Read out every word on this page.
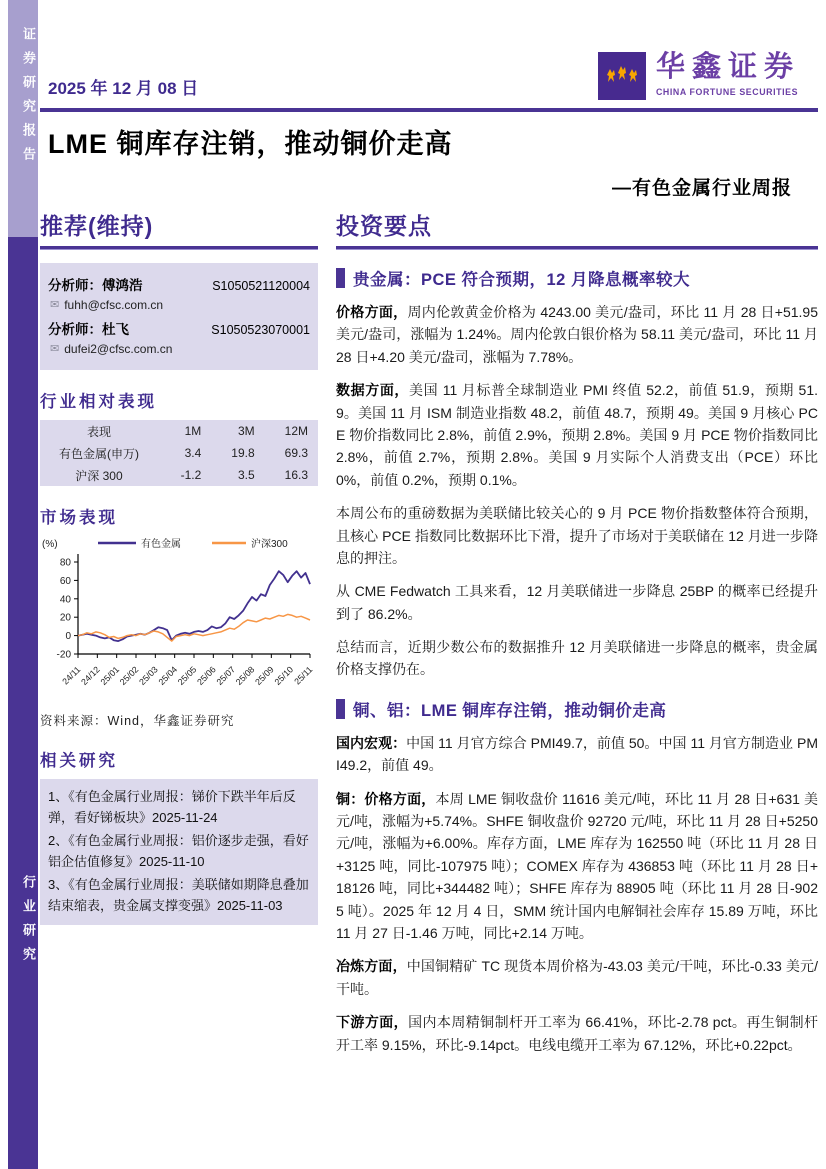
证券研究报告
行业研究
华鑫证券
CHINA FORTUNE SECURITIES
2025 年 12 月 08 日
LME 铜库存注销，推动铜价走高
—有色金属行业周报
推荐(维持)
分析师：傅鸿浩	S1050521120004
✉ fuhh@cfsc.com.cn
分析师：杜飞	S1050523070001
✉ dufei2@cfsc.com.cn
行业相对表现
表现	1M	3M	12M
有色金属(申万)	3.4	19.8	69.3
沪深 300	-1.2	3.5	16.3
市场表现
(%)	有色金属	沪深300
-20
0
20
40
60
80
24/11
24/12
25/01
25/02
25/03
25/04
25/05
25/06
25/07
25/08
25/09
25/10
25/11
资料来源：Wind，华鑫证券研究
相关研究
1、《有色金属行业周报：锑价下跌半年后反弹，看好锑板块》2025-11-24
2、《有色金属行业周报：铝价逐步走强，看好铝企估值修复》2025-11-10
3、《有色金属行业周报：美联储如期降息叠加结束缩表，贵金属支撑变强》2025-11-03
投资要点
贵金属：PCE 符合预期，12 月降息概率较大

价格方面，周内伦敦黄金价格为 4243.00 美元/盎司，环比 11 月 28 日+51.95 美元/盎司，涨幅为 1.24%。周内伦敦白银价格为 58.11 美元/盎司，环比 11 月 28 日+4.20 美元/盎司，涨幅为 7.78%。

数据方面，美国 11 月标普全球制造业 PMI 终值 52.2，前值 51.9，预期 51.9。美国 11 月 ISM 制造业指数 48.2，前值 48.7，预期 49。美国 9 月核心 PCE 物价指数同比 2.8%，前值 2.9%，预期 2.8%。美国 9 月 PCE 物价指数同比 2.8%，前值 2.7%，预期 2.8%。美国 9 月实际个人消费支出（PCE）环比 0%，前值 0.2%，预期 0.1%。

本周公布的重磅数据为美联储比较关心的 9 月 PCE 物价指数整体符合预期，且核心 PCE 指数同比数据环比下滑，提升了市场对于美联储在 12 月进一步降息的押注。

从 CME Fedwatch 工具来看，12 月美联储进一步降息 25BP 的概率已经提升到了 86.2%。

总结而言，近期少数公布的数据推升 12 月美联储进一步降息的概率，贵金属价格支撑仍在。

铜、铝：LME 铜库存注销，推动铜价走高

国内宏观：中国 11 月官方综合 PMI49.7，前值 50。中国 11 月官方制造业 PMI49.2，前值 49。

铜：价格方面，本周 LME 铜收盘价 11616 美元/吨，环比 11 月 28 日+631 美元/吨，涨幅为+5.74%。SHFE 铜收盘价 92720 元/吨，环比 11 月 28 日+5250 元/吨，涨幅为+6.00%。库存方面，LME 库存为 162550 吨（环比 11 月 28 日+3125 吨，同比-107975 吨）；COMEX 库存为 436853 吨（环比 11 月 28 日+18126 吨，同比+344482 吨）；SHFE 库存为 88905 吨（环比 11 月 28 日-9025 吨）。2025 年 12 月 4 日，SMM 统计国内电解铜社会库存 15.89 万吨，环比 11 月 27 日-1.46 万吨，同比+2.14 万吨。

冶炼方面，中国铜精矿 TC 现货本周价格为-43.03 美元/干吨，环比-0.33 美元/干吨。

下游方面，国内本周精铜制杆开工率为 66.41%，环比-2.78 pct。再生铜制杆开工率 9.15%，环比-9.14pct。电线电缆开工率为 67.12%，环比+0.22pct。
